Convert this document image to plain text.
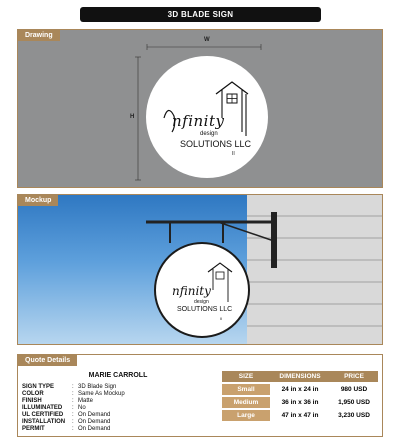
3D BLADE SIGN
Drawing
W
H	nfinity
design
SOLUTIONS LLC
II
Mockup
nfinity
design
SOLUTIONS LLC
II
Quote Details
MARIE CARROLL
SIGN TYPE	: 3D Blade Sign
COLOR	: Same As Mockup
FINISH	: Matte
ILLUMINATED	: No
UL CERTIFIED	: On Demand
INSTALLATION	: On Demand
PERMIT	: On Demand
SIZE	DIMENSIONS	PRICE
Small	24 in x 24 in	980 USD
Medium	36 in x 36 in	1,950 USD
Large	47 in x 47 in	3,230 USD
